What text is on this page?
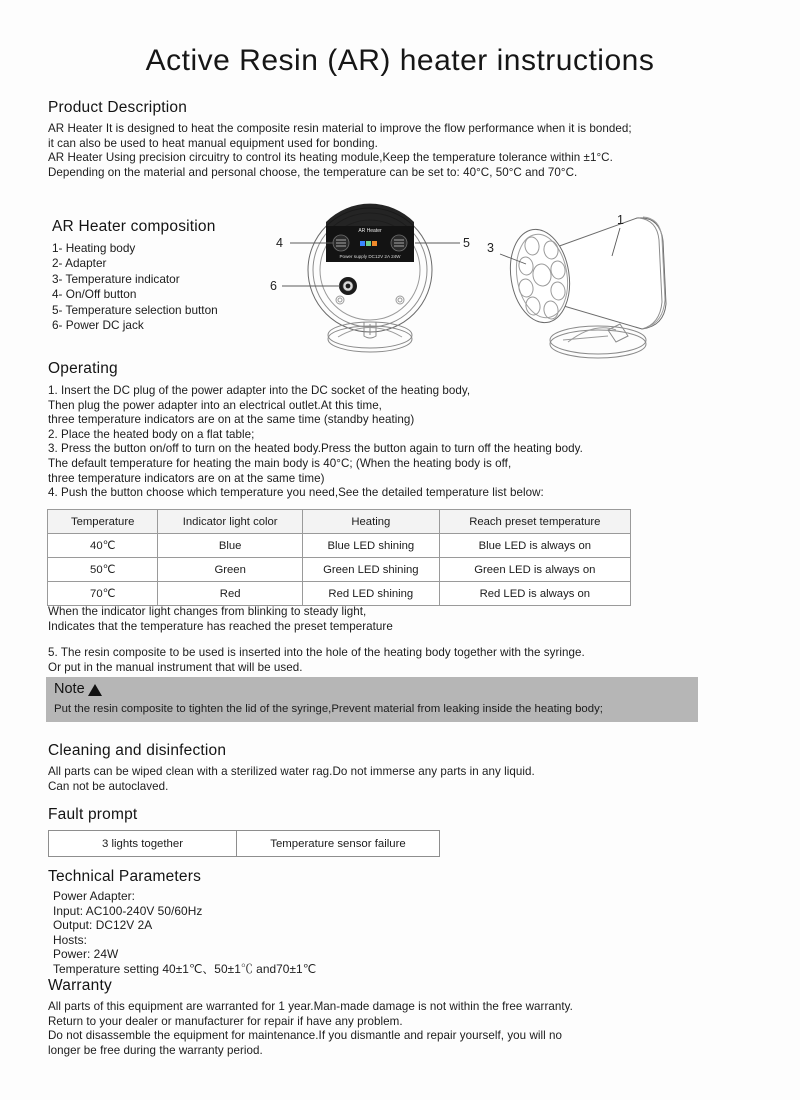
Active Resin (AR) heater instructions
Product Description
AR Heater It is designed to heat the composite resin material to improve the flow performance when it is bonded;
it can also be used to heat manual equipment used for bonding.
AR Heater Using precision circuitry to control its heating module,Keep the temperature tolerance within ±1°C.
Depending on the material and personal choose, the temperature can be set to: 40°C, 50°C and 70°C.
AR Heater composition
1- Heating body
2- Adapter
3- Temperature indicator
4- On/Off button
5- Temperature selection button
6- Power DC jack
AR Heater
Power supply DC12V 2A 24W
4
6
5 3
1
Operating
1. Insert the DC plug of the power adapter into the DC socket of the heating body,
Then plug the power adapter into an electrical outlet.At this time,
three temperature indicators are on at the same time (standby heating)
2. Place the heated body on a flat table;
3. Press the button on/off to turn on the heated body.Press the button again to turn off the heating body.
The default temperature for heating the main body is 40°C; (When the heating body is off,
three temperature indicators are on at the same time)
4. Push the button choose which temperature you need,See the detailed temperature list below:
Temperature	Indicator light color	Heating	Reach preset temperature
40℃	Blue	Blue LED shining	Blue LED is always on
50℃	Green	Green LED shining	Green LED is always on
70℃	Red	Red LED shining	Red LED is always on
When the indicator light changes from blinking to steady light,
Indicates that the temperature has reached the preset temperature
5. The resin composite to be used is inserted into the hole of the heating body together with the syringe.
Or put in the manual instrument that will be used.
Note
Put the resin composite to tighten the lid of the syringe,Prevent material from leaking inside the heating body;
Cleaning and disinfection
All parts can be wiped clean with a sterilized water rag.Do not immerse any parts in any liquid.
Can not be autoclaved.
Fault prompt
3 lights together	Temperature sensor failure
Technical Parameters
Power Adapter:
Input: AC100-240V 50/60Hz
Output: DC12V 2A
Hosts:
Power: 24W
Temperature setting 40±1℃、50±1℃ and70±1℃
Warranty
All parts of this equipment are warranted for 1 year.Man-made damage is not within the free warranty.
Return to your dealer or manufacturer for repair if have any problem.
Do not disassemble the equipment for maintenance.If you dismantle and repair yourself, you will no
longer be free during the warranty period.
